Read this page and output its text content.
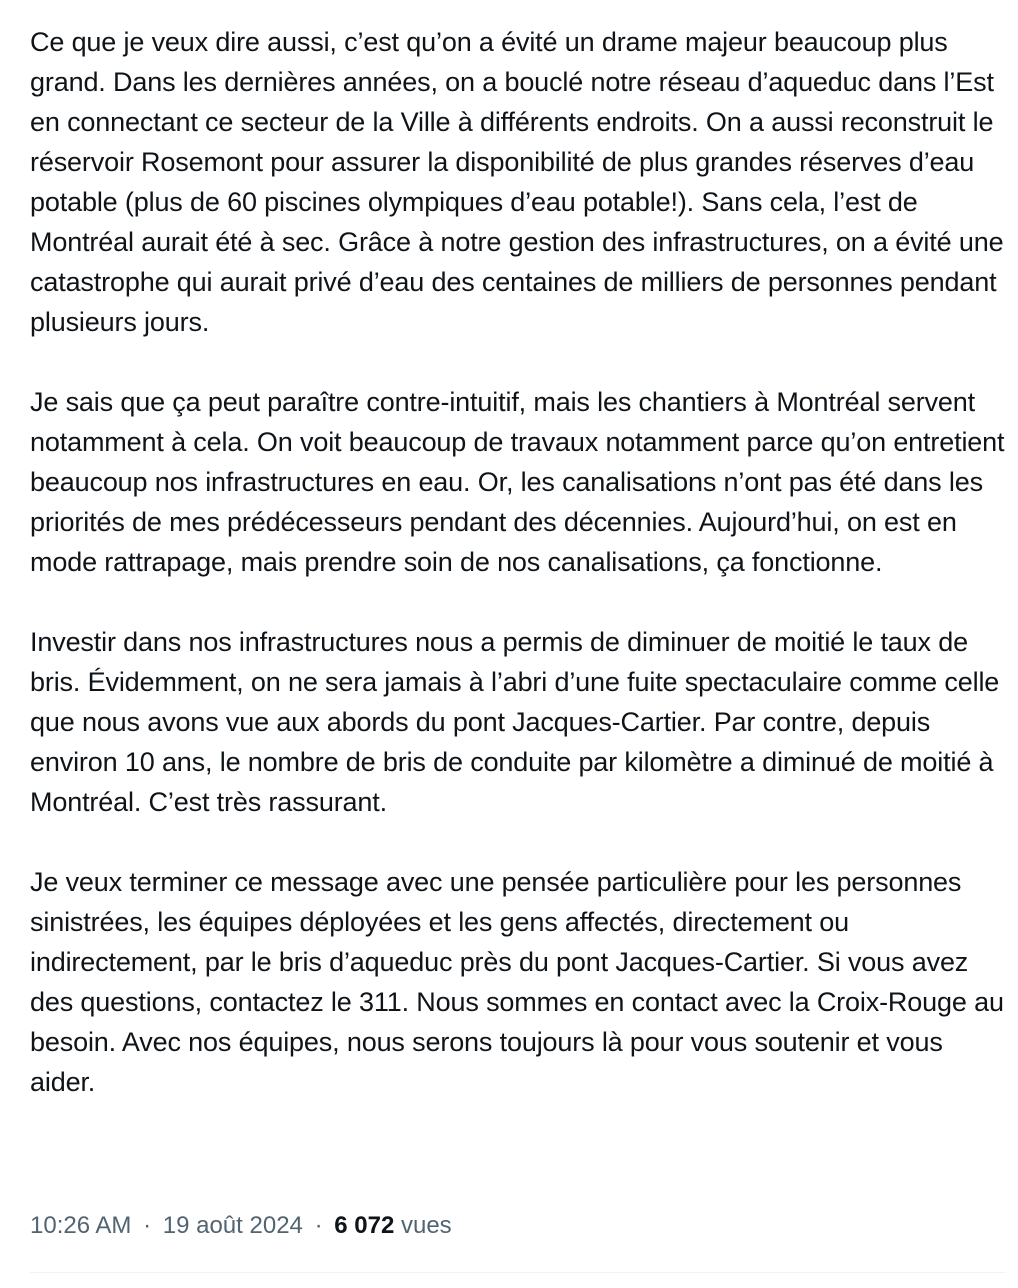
Ce que je veux dire aussi, c’est qu’on a évité un drame majeur beaucoup plus grand. Dans les dernières années, on a bouclé notre réseau d’aqueduc dans l’Est en connectant ce secteur de la Ville à différents endroits. On a aussi reconstruit le réservoir Rosemont pour assurer la disponibilité de plus grandes réserves d’eau potable (plus de 60 piscines olympiques d’eau potable!). Sans cela, l’est de Montréal aurait été à sec. Grâce à notre gestion des infrastructures, on a évité une catastrophe qui aurait privé d’eau des centaines de milliers de personnes pendant plusieurs jours.

Je sais que ça peut paraître contre-intuitif, mais les chantiers à Montréal servent notamment à cela. On voit beaucoup de travaux notamment parce qu’on entretient beaucoup nos infrastructures en eau. Or, les canalisations n’ont pas été dans les priorités de mes prédécesseurs pendant des décennies. Aujourd’hui, on est en mode rattrapage, mais prendre soin de nos canalisations, ça fonctionne.

Investir dans nos infrastructures nous a permis de diminuer de moitié le taux de bris. Évidemment, on ne sera jamais à l’abri d’une fuite spectaculaire comme celle que nous avons vue aux abords du pont Jacques-Cartier. Par contre, depuis environ 10 ans, le nombre de bris de conduite par kilomètre a diminué de moitié à Montréal. C’est très rassurant.

Je veux terminer ce message avec une pensée particulière pour les personnes sinistrées, les équipes déployées et les gens affectés, directement ou indirectement, par le bris d’aqueduc près du pont Jacques-Cartier. Si vous avez des questions, contactez le 311. Nous sommes en contact avec la Croix-Rouge au besoin. Avec nos équipes, nous serons toujours là pour vous soutenir et vous aider.

10:26 AM · 19 août 2024 · 6 072 vues
